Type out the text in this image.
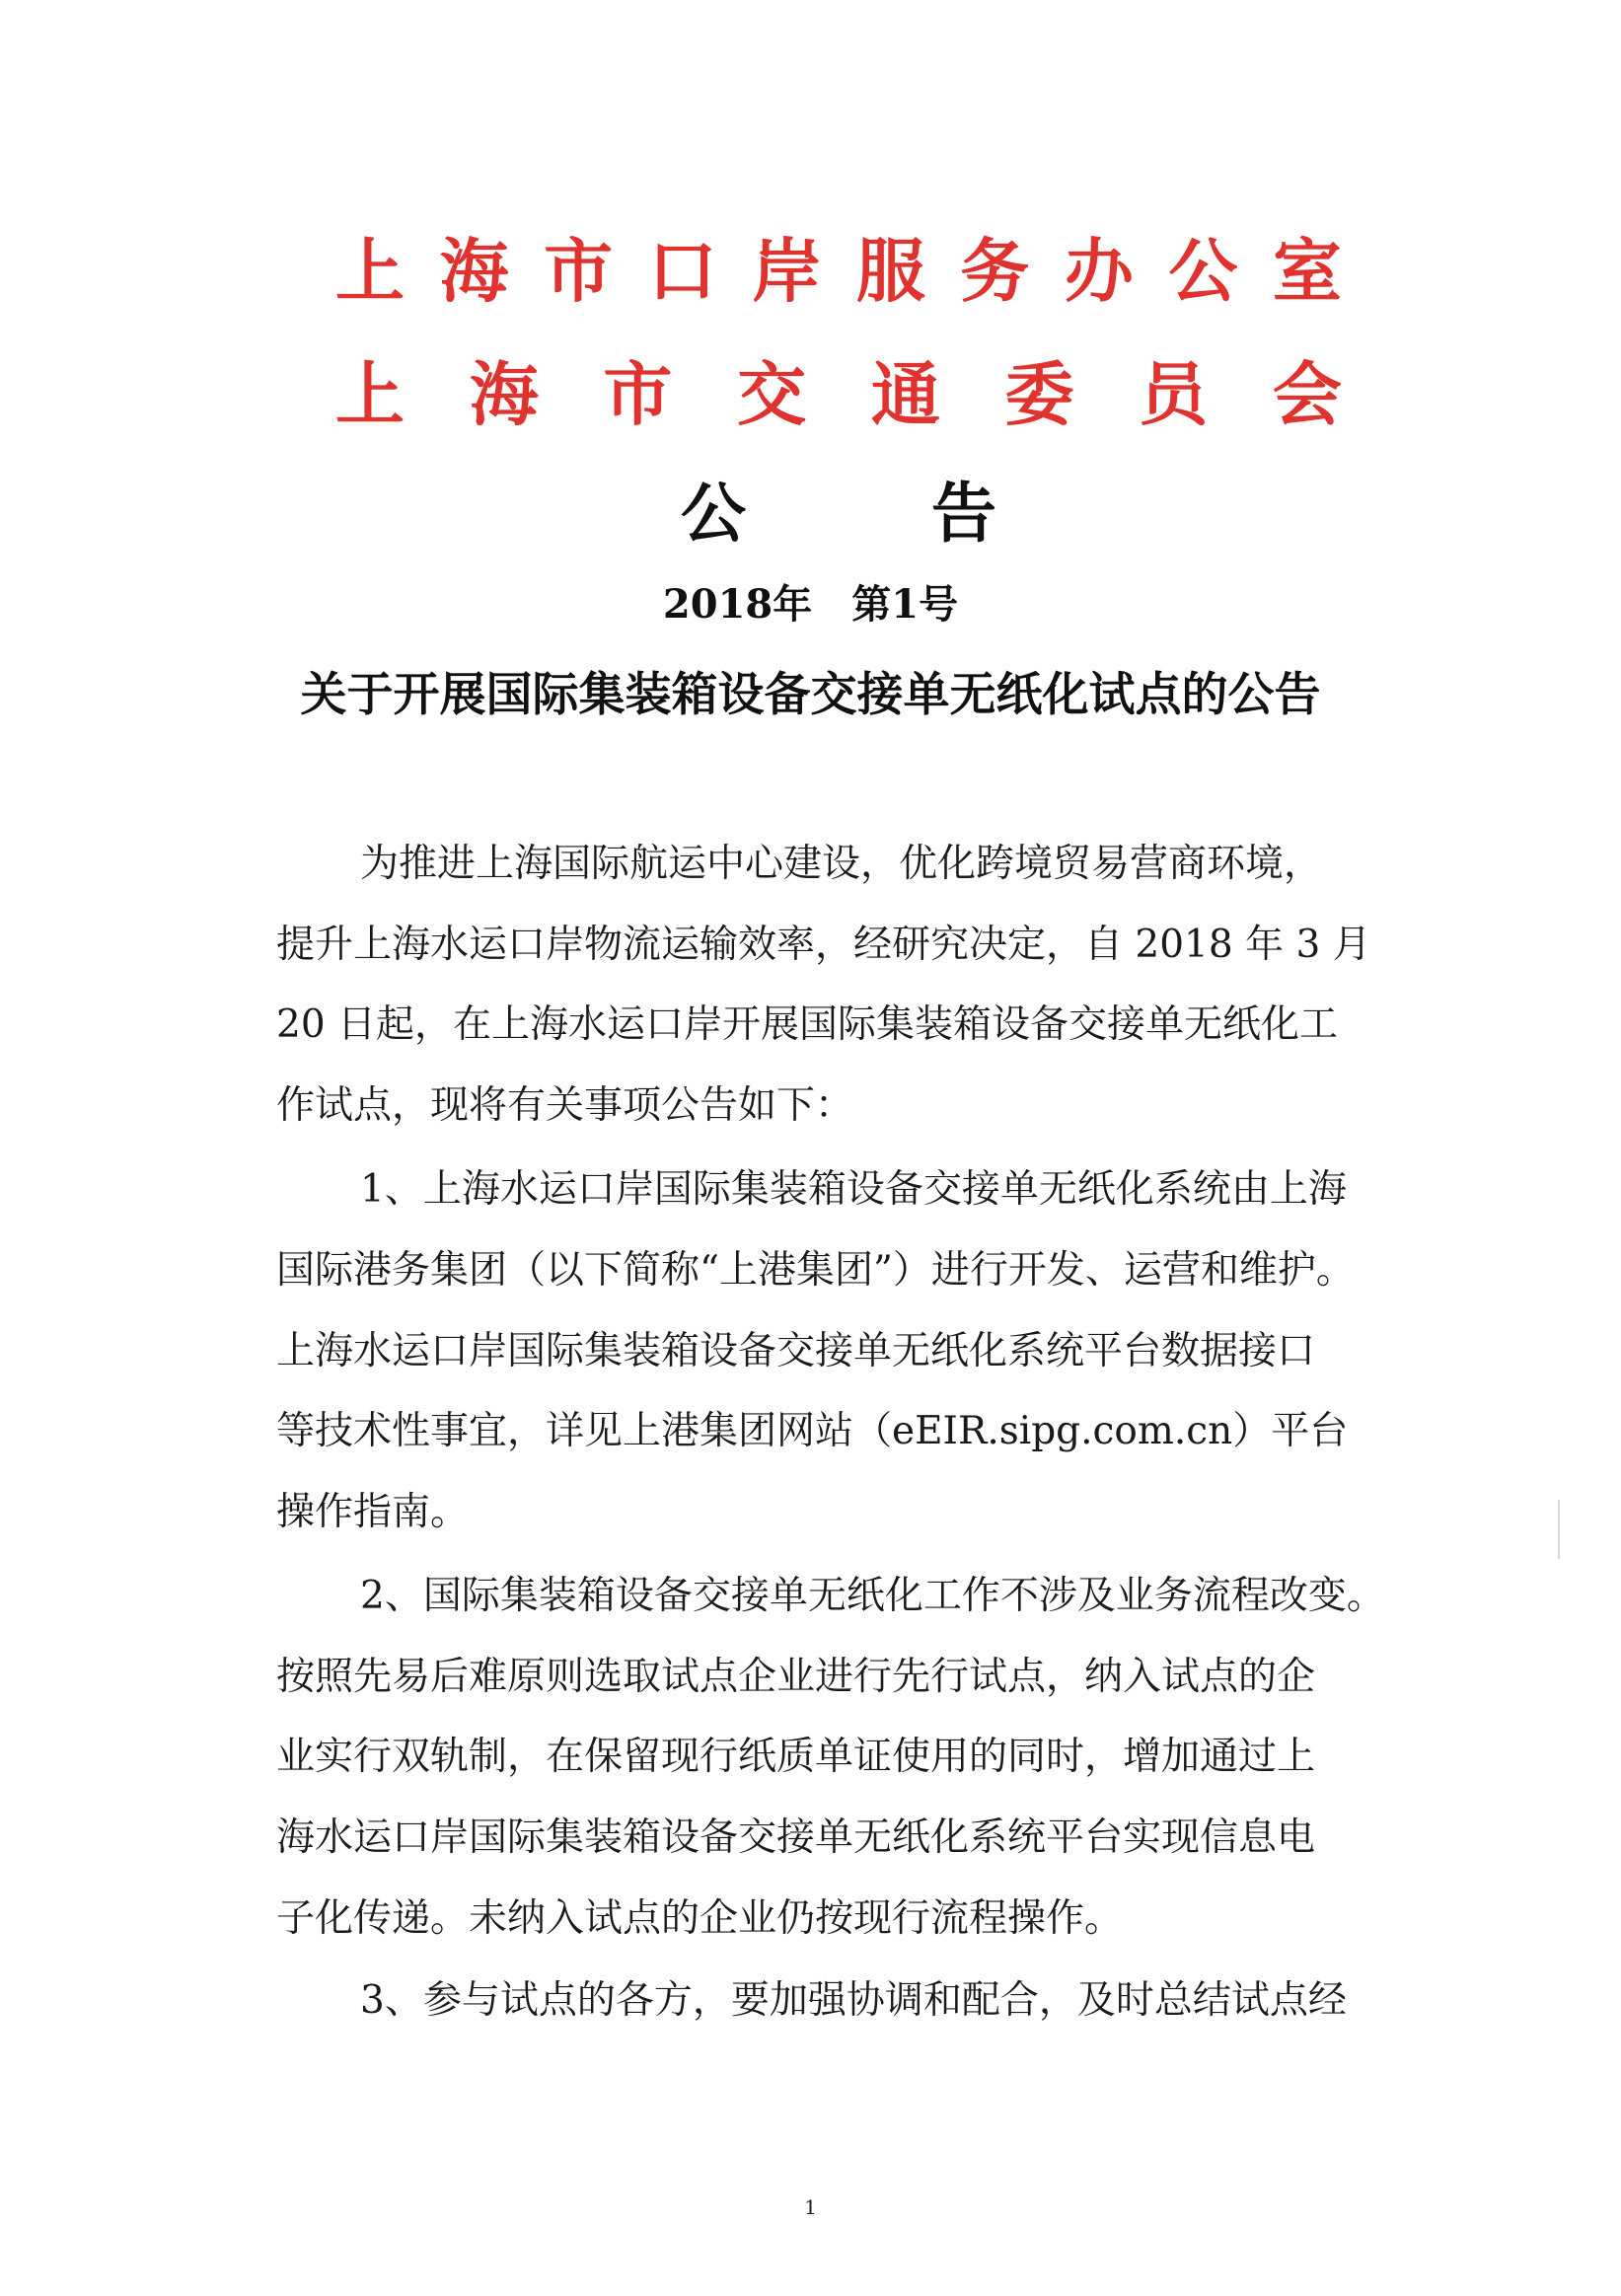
上 海 市 口 岸 服 务 办 公 室
上 海 市 交 通 委 员 会
公	告
2018年　第1号
关于开展国际集装箱设备交接单无纸化试点的公告
为推进上海国际航运中心建设，优化跨境贸易营商环境，
提升上海水运口岸物流运输效率，经研究决定，自 2018 年 3 月
20 日起，在上海水运口岸开展国际集装箱设备交接单无纸化工
作试点，现将有关事项公告如下：
1、上海水运口岸国际集装箱设备交接单无纸化系统由上海
国际港务集团（以下简称“上港集团”）进行开发、运营和维护。
上海水运口岸国际集装箱设备交接单无纸化系统平台数据接口
等技术性事宜，详见上港集团网站（eEIR.sipg.com.cn）平台
操作指南。
2、国际集装箱设备交接单无纸化工作不涉及业务流程改变。
按照先易后难原则选取试点企业进行先行试点，纳入试点的企
业实行双轨制，在保留现行纸质单证使用的同时，增加通过上
海水运口岸国际集装箱设备交接单无纸化系统平台实现信息电
子化传递。未纳入试点的企业仍按现行流程操作。
3、参与试点的各方，要加强协调和配合，及时总结试点经
1
